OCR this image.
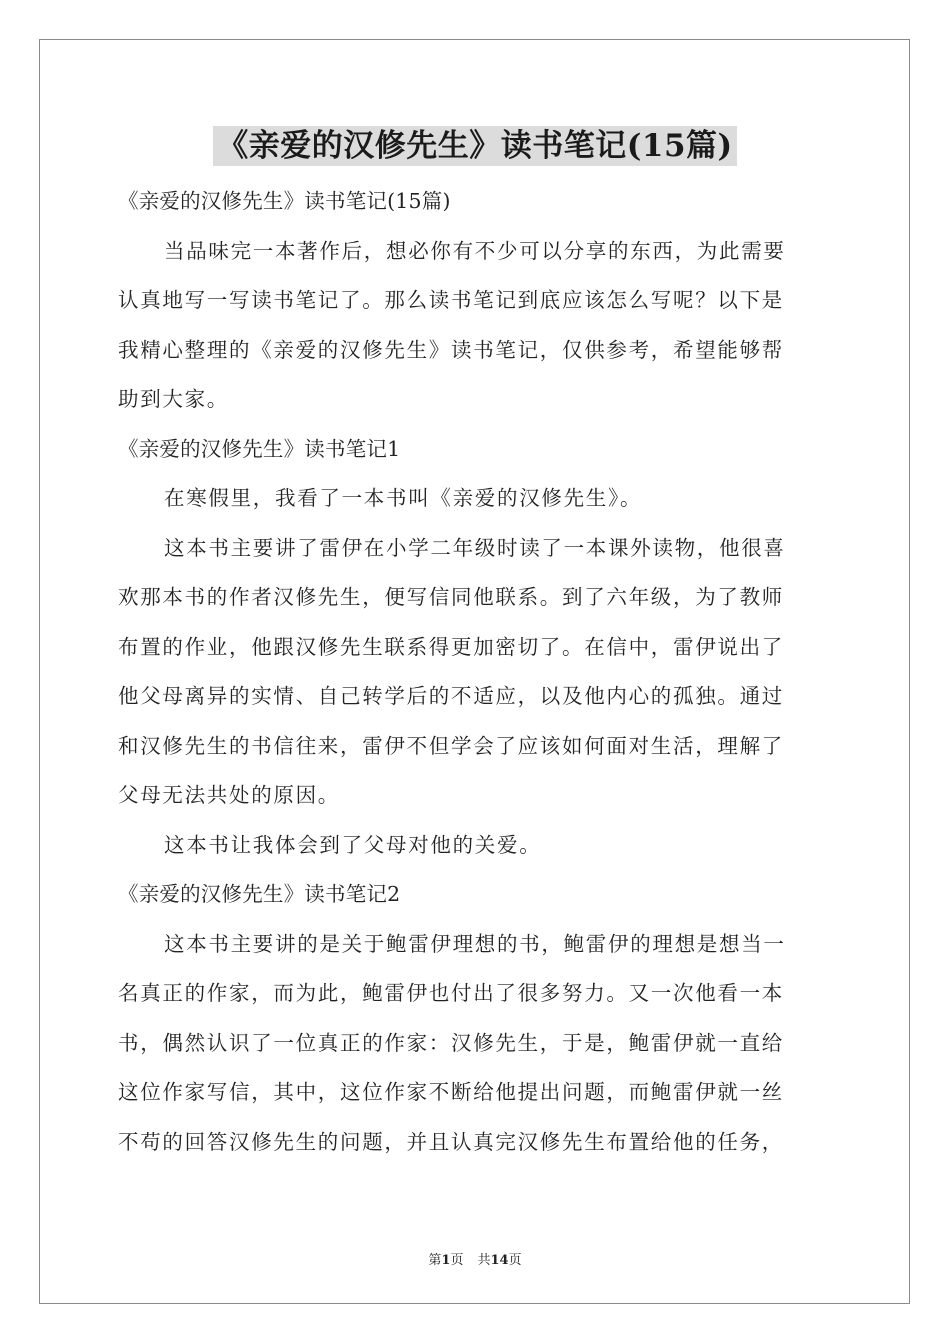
《亲爱的汉修先生》读书笔记(15篇)
《亲爱的汉修先生》读书笔记(15篇)
当品味完一本著作后，想必你有不少可以分享的东西，为此需要
认真地写一写读书笔记了。那么读书笔记到底应该怎么写呢？以下是
我精心整理的《亲爱的汉修先生》读书笔记，仅供参考，希望能够帮
助到大家。
《亲爱的汉修先生》读书笔记1
在寒假里，我看了一本书叫《亲爱的汉修先生》。
这本书主要讲了雷伊在小学二年级时读了一本课外读物，他很喜
欢那本书的作者汉修先生，便写信同他联系。到了六年级，为了教师
布置的作业，他跟汉修先生联系得更加密切了。在信中，雷伊说出了
他父母离异的实情、自己转学后的不适应，以及他内心的孤独。通过
和汉修先生的书信往来，雷伊不但学会了应该如何面对生活，理解了
父母无法共处的原因。
这本书让我体会到了父母对他的关爱。
《亲爱的汉修先生》读书笔记2
这本书主要讲的是关于鲍雷伊理想的书，鲍雷伊的理想是想当一
名真正的作家，而为此，鲍雷伊也付出了很多努力。又一次他看一本
书，偶然认识了一位真正的作家：汉修先生，于是，鲍雷伊就一直给
这位作家写信，其中，这位作家不断给他提出问题，而鲍雷伊就一丝
不苟的回答汉修先生的问题，并且认真完汉修先生布置给他的任务，
第1页 共14页
